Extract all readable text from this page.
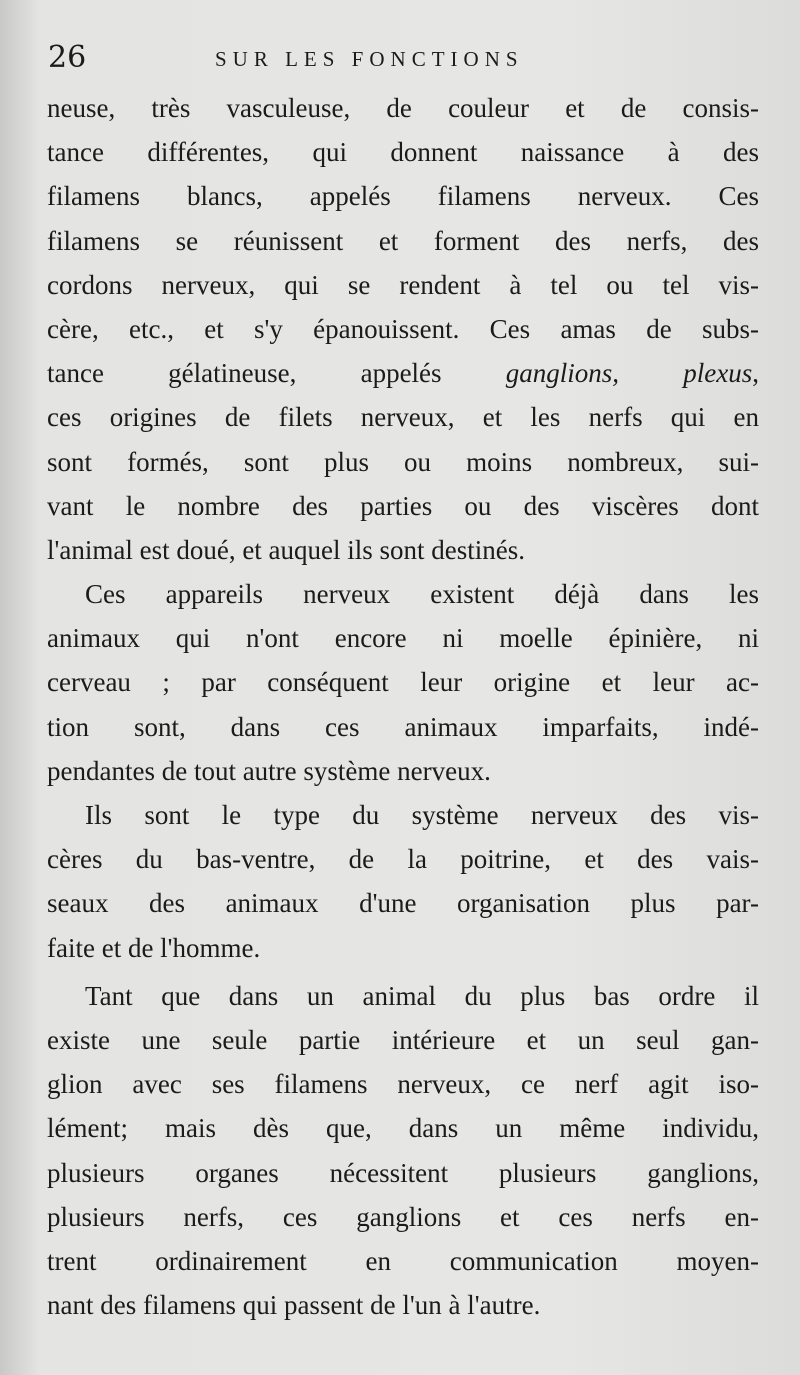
26	SUR LES FONCTIONS
neuse, très vasculeuse, de couleur et de consis-
tance différentes, qui donnent naissance à des
filamens blancs, appelés filamens nerveux. Ces
filamens se réunissent et forment des nerfs, des
cordons nerveux, qui se rendent à tel ou tel vis-
cère, etc., et s'y épanouissent. Ces amas de subs-
tance gélatineuse, appelés ganglions, plexus,
ces origines de filets nerveux, et les nerfs qui en
sont formés, sont plus ou moins nombreux, sui-
vant le nombre des parties ou des viscères dont
l'animal est doué, et auquel ils sont destinés.
Ces appareils nerveux existent déjà dans les
animaux qui n'ont encore ni moelle épinière, ni
cerveau ; par conséquent leur origine et leur ac-
tion sont, dans ces animaux imparfaits, indé-
pendantes de tout autre système nerveux.
Ils sont le type du système nerveux des vis-
cères du bas-ventre, de la poitrine, et des vais-
seaux des animaux d'une organisation plus par-
faite et de l'homme.
Tant que dans un animal du plus bas ordre il
existe une seule partie intérieure et un seul gan-
glion avec ses filamens nerveux, ce nerf agit iso-
lément; mais dès que, dans un même individu,
plusieurs organes nécessitent plusieurs ganglions,
plusieurs nerfs, ces ganglions et ces nerfs en-
trent ordinairement en communication moyen-
nant des filamens qui passent de l'un à l'autre.
